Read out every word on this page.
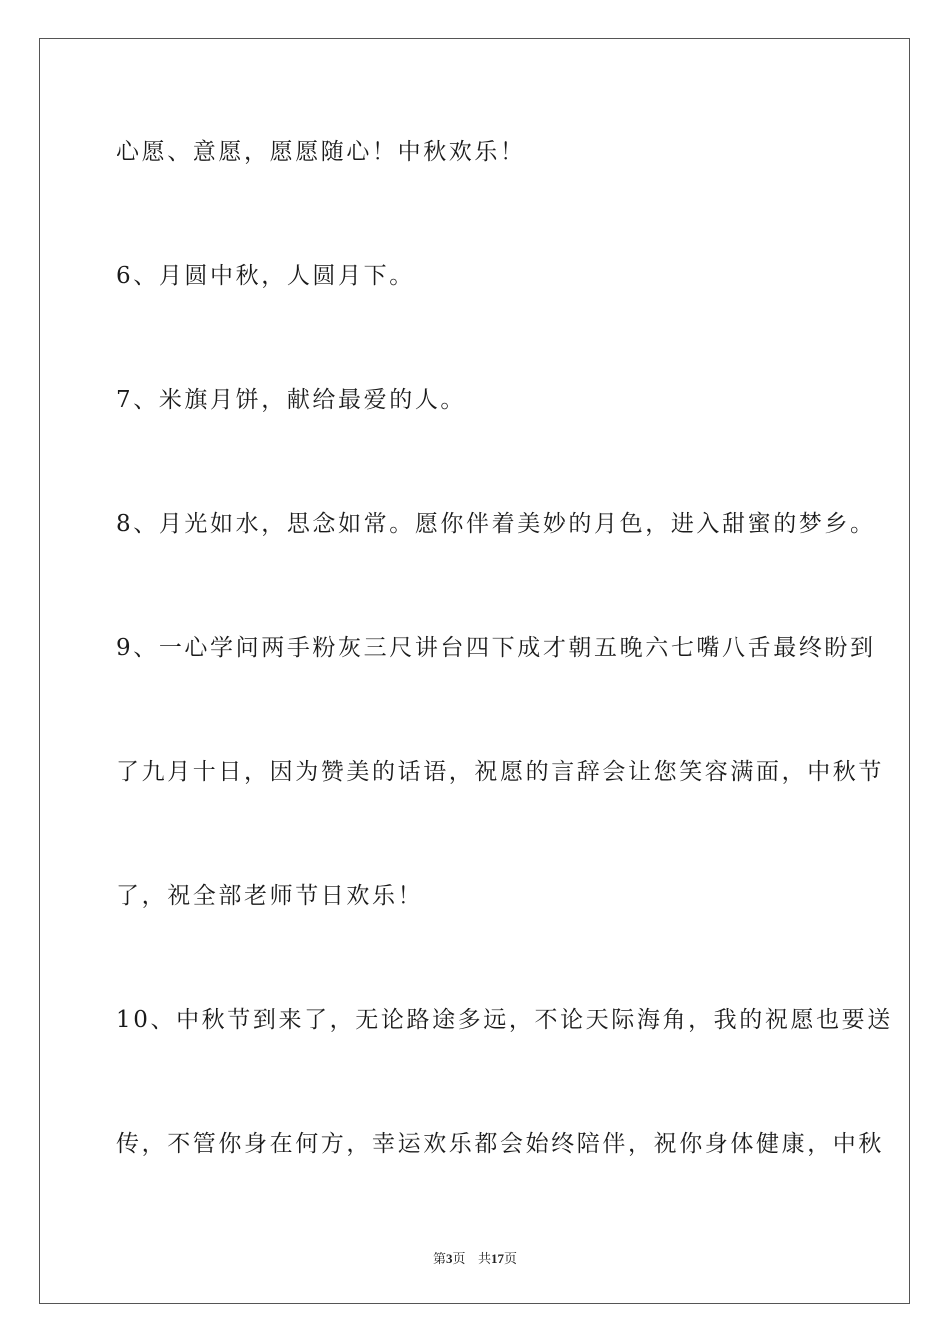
心愿、意愿，愿愿随心！中秋欢乐！
6、月圆中秋，人圆月下。
7、米旗月饼，献给最爱的人。
8、月光如水，思念如常。愿你伴着美妙的月色，进入甜蜜的梦乡。
9、一心学问两手粉灰三尺讲台四下成才朝五晚六七嘴八舌最终盼到
了九月十日，因为赞美的话语，祝愿的言辞会让您笑容满面，中秋节
了，祝全部老师节日欢乐！
10、中秋节到来了，无论路途多远，不论天际海角，我的祝愿也要送
传，不管你身在何方，幸运欢乐都会始终陪伴，祝你身体健康，中秋
第3页 共17页
